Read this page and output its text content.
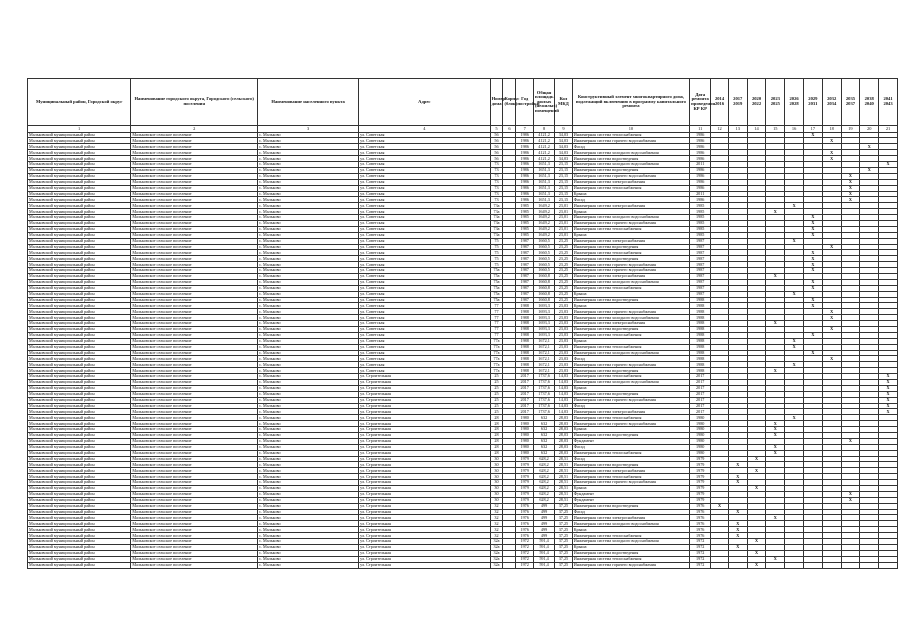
Муниципальный район, Городской округ	Наименование городского округа, Городского (сельского) поселения	Наименование населенного пункта	Адрес	Номер дома	Корпус (блок)	Год постройки	Общая площадь жилых (нежилых) помещений	Кол МКД	Конструктивный элемент многоквартирного дома, подлежащий включению в программу капитального ремонта	Дата ремонта проведения КР КР	2014 2016	2017 2019	2020 2022	2023 2025	2026 2028	2029 2031	2032 2034	2035 2037	2038 2040	2041 2043
1	2	3	4	5	6	7	8	9	10	11	12	13	14	15	16	17	18	19	20	21
Мальковский муниципальный район	Мальковское сельское поселение	с. Мальково	ул. Советская	56		1986	4121,2	34,03	Инженерная система теплоснабжения	1986						X				
Мальковский муниципальный район	Мальковское сельское поселение	с. Мальково	ул. Советская	56		1986	4121,2	34,03	Инженерная система горячего водоснабжения	1986							X			
Мальковский муниципальный район	Мальковское сельское поселение	с. Мальково	ул. Советская	56		1986	4121,2	34,03	Фасад	1986									X	
Мальковский муниципальный район	Мальковское сельское поселение	с. Мальково	ул. Советская	56		1986	4121,2	34,03	Инженерная система холодного водоснабжения	1986							X			
Мальковский муниципальный район	Мальковское сельское поселение	с. Мальково	ул. Советская	56		1986	4121,2	34,03	Инженерная система водоотведения	1986							X			
Мальковский муниципальный район	Мальковское сельское поселение	с. Мальково	ул. Советская	73		1986	1651,3	23,15	Инженерная система холодного водоснабжения	2011										X
Мальковский муниципальный район	Мальковское сельское поселение	с. Мальково	ул. Советская	73		1986	1651,3	23,15	Инженерная система водоотведения	1986									X	
Мальковский муниципальный район	Мальковское сельское поселение	с. Мальково	ул. Советская	73		1986	1651,3	23,15	Инженерная система горячего водоснабжения	1986								X		
Мальковский муниципальный район	Мальковское сельское поселение	с. Мальково	ул. Советская	73		1986	1651,3	23,15	Инженерная система электроснабжения	1986								X		
Мальковский муниципальный район	Мальковское сельское поселение	с. Мальково	ул. Советская	73		1986	1651,3	23,15	Инженерная система теплоснабжения	1986								X		
Мальковский муниципальный район	Мальковское сельское поселение	с. Мальково	ул. Советская	73		1986	1651,3	23,15	Крыша	2011								X		
Мальковский муниципальный район	Мальковское сельское поселение	с. Мальково	ул. Советская	73		1986	1651,3	23,15	Фасад	1986								X		
Мальковский муниципальный район	Мальковское сельское поселение	с. Мальково	ул. Советская	73а		1985	1649,2	23,01	Инженерная система электроснабжения	1985					X					
Мальковский муниципальный район	Мальковское сельское поселение	с. Мальково	ул. Советская	73а		1985	1649,2	23,01	Крыша	1985				X						
Мальковский муниципальный район	Мальковское сельское поселение	с. Мальково	ул. Советская	73а		1985	1649,2	23,01	Инженерная система холодного водоснабжения	1985						X				
Мальковский муниципальный район	Мальковское сельское поселение	с. Мальково	ул. Советская	73а		1985	1649,2	23,01	Инженерная система горячего водоснабжения	1985						X				
Мальковский муниципальный район	Мальковское сельское поселение	с. Мальково	ул. Советская	73а		1985	1649,2	23,01	Инженерная система теплоснабжения	1985						X				
Мальковский муниципальный район	Мальковское сельское поселение	с. Мальково	ул. Советская	73а		1985	1649,2	23,01	Крыша	1985						X				
Мальковский муниципальный район	Мальковское сельское поселение	с. Мальково	ул. Советская	75		1987	1660,5	23,25	Инженерная система электроснабжения	1987					X					
Мальковский муниципальный район	Мальковское сельское поселение	с. Мальково	ул. Советская	75		1987	1660,5	23,25	Инженерная система водоотведения	1987							X			
Мальковский муниципальный район	Мальковское сельское поселение	с. Мальково	ул. Советская	75		1987	1660,5	23,25	Инженерная система теплоснабжения	1987						X				
Мальковский муниципальный район	Мальковское сельское поселение	с. Мальково	ул. Советская	75		1987	1660,5	23,25	Инженерная система водоотведения	1987						X				
Мальковский муниципальный район	Мальковское сельское поселение	с. Мальково	ул. Советская	75		1987	1660,5	23,25	Инженерная система горячего водоснабжения	1987						X				
Мальковский муниципальный район	Мальковское сельское поселение	с. Мальково	ул. Советская	75а		1987	1660,5	23,25	Инженерная система горячего водоснабжения	1987						X				
Мальковский муниципальный район	Мальковское сельское поселение	с. Мальково	ул. Советская	75а		1987	1660,8	23,25	Инженерная система электроснабжения	1987				X						
Мальковский муниципальный район	Мальковское сельское поселение	с. Мальково	ул. Советская	75а		1987	1660,8	23,25	Инженерная система холодного водоснабжения	1987						X				
Мальковский муниципальный район	Мальковское сельское поселение	с. Мальково	ул. Советская	75а		1987	1660,8	23,25	Инженерная система теплоснабжения	1987						X				
Мальковский муниципальный район	Мальковское сельское поселение	с. Мальково	ул. Советская	75а		1987	1660,8	23,25	Крыша	1987					X					
Мальковский муниципальный район	Мальковское сельское поселение	с. Мальково	ул. Советская	75а		1987	1660,8	23,25	Инженерная система водоотведения	1988						X				
Мальковский муниципальный район	Мальковское сельское поселение	с. Мальково	ул. Советская	77		1988	1693,3	23,03	Крыша	1988						X				
Мальковский муниципальный район	Мальковское сельское поселение	с. Мальково	ул. Советская	77		1988	1693,3	23,03	Инженерная система горячего водоснабжения	1988							X			
Мальковский муниципальный район	Мальковское сельское поселение	с. Мальково	ул. Советская	77		1988	1693,3	23,03	Инженерная система холодного водоснабжения	1988							X			
Мальковский муниципальный район	Мальковское сельское поселение	с. Мальково	ул. Советская	77		1988	1693,3	23,03	Инженерная система электроснабжения	1988				X						
Мальковский муниципальный район	Мальковское сельское поселение	с. Мальково	ул. Советская	77		1988	1693,3	23,03	Инженерная система водоотведения	1988							X			
Мальковский муниципальный район	Мальковское сельское поселение	с. Мальково	ул. Советская	77		1988	1693,3	23,03	Инженерная система теплоснабжения	1988						X				
Мальковский муниципальный район	Мальковское сельское поселение	с. Мальково	ул. Советская	77а		1988	1672,1	23,03	Крыша	1988					X					
Мальковский муниципальный район	Мальковское сельское поселение	с. Мальково	ул. Советская	77а		1988	1672,1	23,03	Инженерная система теплоснабжения	1988					X					
Мальковский муниципальный район	Мальковское сельское поселение	с. Мальково	ул. Советская	77а		1988	1672,1	23,03	Инженерная система холодного водоснабжения	1988						X				
Мальковский муниципальный район	Мальковское сельское поселение	с. Мальково	ул. Советская	77а		1988	1672,1	23,03	Фасад	1988							X			
Мальковский муниципальный район	Мальковское сельское поселение	с. Мальково	ул. Советская	77а		1988	1672,1	23,03	Инженерная система горячего водоснабжения	1988					X					
Мальковский муниципальный район	Мальковское сельское поселение	с. Мальково	ул. Советская	77а		1988	1672,1	23,03	Инженерная система водоотведения	1988				X						
Мальковский муниципальный район	Мальковское сельское поселение	с. Мальково	ул. Строительная	25		2017	1737,6	14,03	Инженерная система теплоснабжения	2017										X
Мальковский муниципальный район	Мальковское сельское поселение	с. Мальково	ул. Строительная	25		2017	1737,6	14,03	Инженерная система холодного водоснабжения	2017										X
Мальковский муниципальный район	Мальковское сельское поселение	с. Мальково	ул. Строительная	25		2017	1737,6	14,03	Крыша	2017										X
Мальковский муниципальный район	Мальковское сельское поселение	с. Мальково	ул. Строительная	25		2017	1737,6	14,03	Инженерная система водоотведения	2017										X
Мальковский муниципальный район	Мальковское сельское поселение	с. Мальково	ул. Строительная	25		2017	1737,6	14,03	Инженерная система горячего водоснабжения	2017										X
Мальковский муниципальный район	Мальковское сельское поселение	с. Мальково	ул. Строительная	25		2017	1737,6	14,03	Фасад	2017										X
Мальковский муниципальный район	Мальковское сельское поселение	с. Мальково	ул. Строительная	25		2017	1737,6	14,03	Инженерная система электроснабжения	2017										X
Мальковский муниципальный район	Мальковское сельское поселение	с. Мальково	ул. Строительная	28		1980	632	28,03	Инженерная система теплоснабжения	1980					X					
Мальковский муниципальный район	Мальковское сельское поселение	с. Мальково	ул. Строительная	28		1980	632	28,03	Инженерная система горячего водоснабжения	1980				X						
Мальковский муниципальный район	Мальковское сельское поселение	с. Мальково	ул. Строительная	28		1980	632	28,03	Крыша	1980				X						
Мальковский муниципальный район	Мальковское сельское поселение	с. Мальково	ул. Строительная	28		1980	632	28,03	Инженерная система водоотведения	1980				X						
Мальковский муниципальный район	Мальковское сельское поселение	с. Мальково	ул. Строительная	28		1980	632	28,03	Фундамент	1980								X		
Мальковский муниципальный район	Мальковское сельское поселение	с. Мальково	ул. Строительная	28		1980	632	28,03	Фасад	1980				X						
Мальковский муниципальный район	Мальковское сельское поселение	с. Мальково	ул. Строительная	28		1980	632	28,03	Инженерная система теплоснабжения	1980				X						
Мальковский муниципальный район	Мальковское сельское поселение	с. Мальково	ул. Строительная	30		1979	628,2	28,51	Фасад	1979			X							
Мальковский муниципальный район	Мальковское сельское поселение	с. Мальково	ул. Строительная	30		1979	628,2	28,51	Инженерная система водоотведения	1979		X								
Мальковский муниципальный район	Мальковское сельское поселение	с. Мальково	ул. Строительная	30		1979	628,2	28,51	Инженерная система электроснабжения	1979			X							
Мальковский муниципальный район	Мальковское сельское поселение	с. Мальково	ул. Строительная	30		1979	628,2	28,51	Инженерная система теплоснабжения	1979		X								
Мальковский муниципальный район	Мальковское сельское поселение	с. Мальково	ул. Строительная	30		1979	628,2	28,51	Инженерная система горячего водоснабжения	1979		X								
Мальковский муниципальный район	Мальковское сельское поселение	с. Мальково	ул. Строительная	30		1979	628,2	28,51	Крыша	1979			X							
Мальковский муниципальный район	Мальковское сельское поселение	с. Мальково	ул. Строительная	30		1979	628,2	28,51	Фундамент	1979								X		
Мальковский муниципальный район	Мальковское сельское поселение	с. Мальково	ул. Строительная	30		1979	628,2	28,51	Фундамент	1979								X		
Мальковский муниципальный район	Мальковское сельское поселение	с. Мальково	ул. Строительная	32		1976	499	37,25	Инженерная система водоотведения	1976	X									
Мальковский муниципальный район	Мальковское сельское поселение	с. Мальково	ул. Строительная	32		1976	499	37,25	Фасад	1976		X								
Мальковский муниципальный район	Мальковское сельское поселение	с. Мальково	ул. Строительная	32		1976	499	37,25	Инженерная система электроснабжения	1976				X						
Мальковский муниципальный район	Мальковское сельское поселение	с. Мальково	ул. Строительная	32		1976	499	37,25	Инженерная система холодного водоснабжения	1976		X								
Мальковский муниципальный район	Мальковское сельское поселение	с. Мальково	ул. Строительная	32		1976	499	37,25	Крыша	1976		X								
Мальковский муниципальный район	Мальковское сельское поселение	с. Мальково	ул. Строительная	32		1976	499	37,25	Инженерная система теплоснабжения	1976		X								
Мальковский муниципальный район	Мальковское сельское поселение	с. Мальково	ул. Строительная	32а		1972	591,4	37,25	Инженерная система холодного водоснабжения	1972			X							
Мальковский муниципальный район	Мальковское сельское поселение	с. Мальково	ул. Строительная	32а		1972	591,4	37,25	Крыша	1972		X								
Мальковский муниципальный район	Мальковское сельское поселение	с. Мальково	ул. Строительная	32а		1972	591,4	37,25	Инженерная система водоотведения	1972			X							
Мальковский муниципальный район	Мальковское сельское поселение	с. Мальково	ул. Строительная	32а		1972	591,4	37,25	Инженерная система теплоснабжения	1972				X						
Мальковский муниципальный район	Мальковское сельское поселение	с. Мальково	ул. Строительная	32а		1972	591,4	37,25	Инженерная система горячего водоснабжения	1972			X							
